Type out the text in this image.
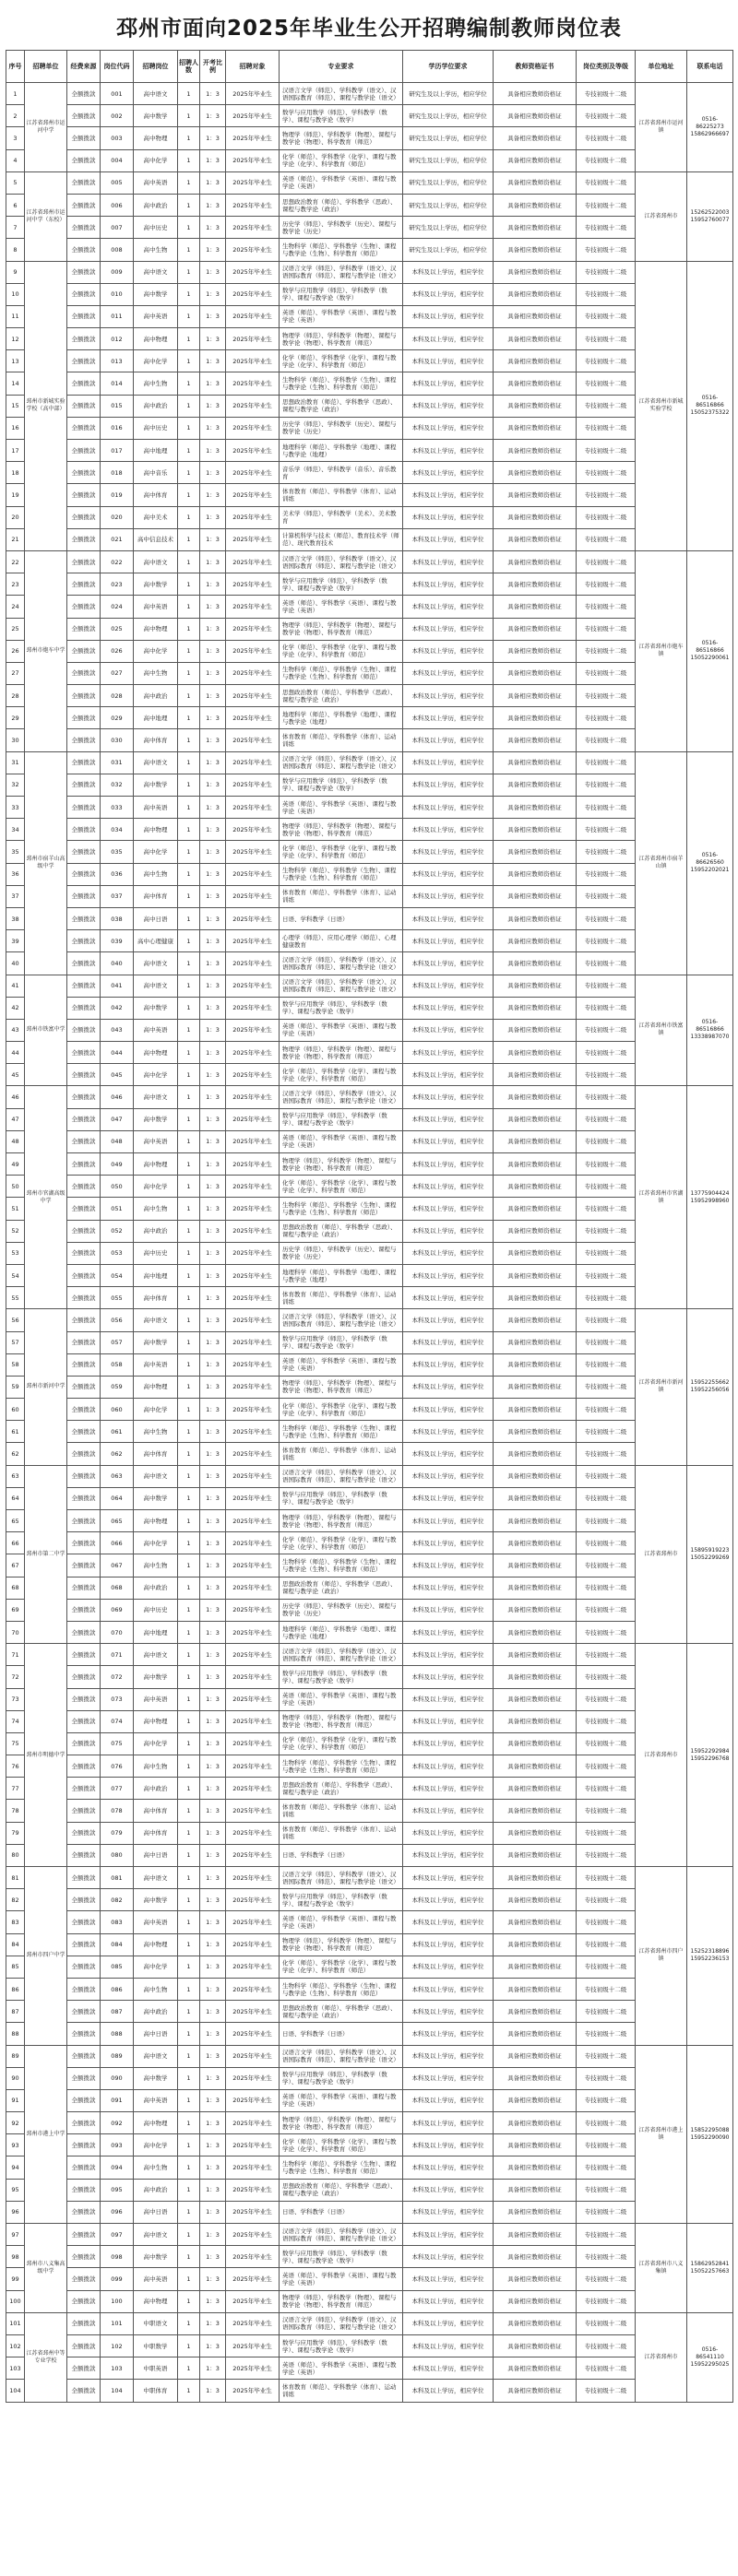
邳州市面向2025年毕业生公开招聘编制教师岗位表
序号	招聘单位	经费来源	岗位代码	招聘岗位	招聘人数	开考比例	招聘对象	专业要求	学历学位要求	教师资格证书	岗位类别及等级	单位地址	联系电话
1	江苏省邳州市运河中学	全额拨款	001	高中语文	1	1：3	2025年毕业生	汉语言文学（师范）、学科教学（语文）、汉语国际教育（师范）、课程与教学论（语文）	研究生及以上学历，相应学位	具备相应教师资格证	专技初级十二级	江苏省邳州市运河镇	0516-86225273
15862966697
2		全额拨款	002	高中数学	1	1：3	2025年毕业生	数学与应用数学（师范）、学科教学（数学）、课程与教学论（数学）	研究生及以上学历，相应学位	具备相应教师资格证	专技初级十二级		
3		全额拨款	003	高中物理	1	1：3	2025年毕业生	物理学（师范）、学科教学（物理）、课程与教学论（物理）、科学教育（师范）	研究生及以上学历，相应学位	具备相应教师资格证	专技初级十二级		
4		全额拨款	004	高中化学	1	1：3	2025年毕业生	化学（师范）、学科教学（化学）、课程与教学论（化学）、科学教育（师范）	研究生及以上学历，相应学位	具备相应教师资格证	专技初级十二级		
5	江苏省邳州市运河中学（东校）	全额拨款	005	高中英语	1	1：3	2025年毕业生	英语（师范）、学科教学（英语）、课程与教学论（英语）	研究生及以上学历，相应学位	具备相应教师资格证	专技初级十二级	江苏省邳州市	15262522003
15952760077
6		全额拨款	006	高中政治	1	1：3	2025年毕业生	思想政治教育（师范）、学科教学（思政）、课程与教学论（政治）	研究生及以上学历，相应学位	具备相应教师资格证	专技初级十二级		
7		全额拨款	007	高中历史	1	1：3	2025年毕业生	历史学（师范）、学科教学（历史）、课程与教学论（历史）	研究生及以上学历，相应学位	具备相应教师资格证	专技初级十二级		
8		全额拨款	008	高中生物	1	1：3	2025年毕业生	生物科学（师范）、学科教学（生物）、课程与教学论（生物）、科学教育（师范）	研究生及以上学历，相应学位	具备相应教师资格证	专技初级十二级		
9	邳州市新城实验学校（高中部）	全额拨款	009	高中语文	1	1：3	2025年毕业生	汉语言文学（师范）、学科教学（语文）、汉语国际教育（师范）、课程与教学论（语文）	本科及以上学历，相应学位	具备相应教师资格证	专技初级十二级	江苏省邳州市新城实验学校	0516-86516866
15052375322
10		全额拨款	010	高中数学	1	1：3	2025年毕业生	数学与应用数学（师范）、学科教学（数学）、课程与教学论（数学）	本科及以上学历，相应学位	具备相应教师资格证	专技初级十二级		
11		全额拨款	011	高中英语	1	1：3	2025年毕业生	英语（师范）、学科教学（英语）、课程与教学论（英语）	本科及以上学历，相应学位	具备相应教师资格证	专技初级十二级		
12		全额拨款	012	高中物理	1	1：3	2025年毕业生	物理学（师范）、学科教学（物理）、课程与教学论（物理）、科学教育（师范）	本科及以上学历，相应学位	具备相应教师资格证	专技初级十二级		
13		全额拨款	013	高中化学	1	1：3	2025年毕业生	化学（师范）、学科教学（化学）、课程与教学论（化学）、科学教育（师范）	本科及以上学历，相应学位	具备相应教师资格证	专技初级十二级		
14		全额拨款	014	高中生物	1	1：3	2025年毕业生	生物科学（师范）、学科教学（生物）、课程与教学论（生物）、科学教育（师范）	本科及以上学历，相应学位	具备相应教师资格证	专技初级十二级		
15		全额拨款	015	高中政治	1	1：3	2025年毕业生	思想政治教育（师范）、学科教学（思政）、课程与教学论（政治）	本科及以上学历，相应学位	具备相应教师资格证	专技初级十二级		
16		全额拨款	016	高中历史	1	1：3	2025年毕业生	历史学（师范）、学科教学（历史）、课程与教学论（历史）	本科及以上学历，相应学位	具备相应教师资格证	专技初级十二级		
17		全额拨款	017	高中地理	1	1：3	2025年毕业生	地理科学（师范）、学科教学（地理）、课程与教学论（地理）	本科及以上学历，相应学位	具备相应教师资格证	专技初级十二级		
18		全额拨款	018	高中音乐	1	1：3	2025年毕业生	音乐学（师范）、学科教学（音乐）、音乐教育	本科及以上学历，相应学位	具备相应教师资格证	专技初级十二级		
19		全额拨款	019	高中体育	1	1：3	2025年毕业生	体育教育（师范）、学科教学（体育）、运动训练	本科及以上学历，相应学位	具备相应教师资格证	专技初级十二级		
20		全额拨款	020	高中美术	1	1：3	2025年毕业生	美术学（师范）、学科教学（美术）、美术教育	本科及以上学历，相应学位	具备相应教师资格证	专技初级十二级		
21		全额拨款	021	高中信息技术	1	1：3	2025年毕业生	计算机科学与技术（师范）、教育技术学（师范）、现代教育技术	本科及以上学历，相应学位	具备相应教师资格证	专技初级十二级		
22	邳州市炮车中学	全额拨款	022	高中语文	1	1：3	2025年毕业生	汉语言文学（师范）、学科教学（语文）、汉语国际教育（师范）、课程与教学论（语文）	本科及以上学历，相应学位	具备相应教师资格证	专技初级十二级	江苏省邳州市炮车镇	0516-86516866
15052290061
23		全额拨款	023	高中数学	1	1：3	2025年毕业生	数学与应用数学（师范）、学科教学（数学）、课程与教学论（数学）	本科及以上学历，相应学位	具备相应教师资格证	专技初级十二级		
24		全额拨款	024	高中英语	1	1：3	2025年毕业生	英语（师范）、学科教学（英语）、课程与教学论（英语）	本科及以上学历，相应学位	具备相应教师资格证	专技初级十二级		
25		全额拨款	025	高中物理	1	1：3	2025年毕业生	物理学（师范）、学科教学（物理）、课程与教学论（物理）、科学教育（师范）	本科及以上学历，相应学位	具备相应教师资格证	专技初级十二级		
26		全额拨款	026	高中化学	1	1：3	2025年毕业生	化学（师范）、学科教学（化学）、课程与教学论（化学）、科学教育（师范）	本科及以上学历，相应学位	具备相应教师资格证	专技初级十二级		
27		全额拨款	027	高中生物	1	1：3	2025年毕业生	生物科学（师范）、学科教学（生物）、课程与教学论（生物）、科学教育（师范）	本科及以上学历，相应学位	具备相应教师资格证	专技初级十二级		
28		全额拨款	028	高中政治	1	1：3	2025年毕业生	思想政治教育（师范）、学科教学（思政）、课程与教学论（政治）	本科及以上学历，相应学位	具备相应教师资格证	专技初级十二级		
29		全额拨款	029	高中地理	1	1：3	2025年毕业生	地理科学（师范）、学科教学（地理）、课程与教学论（地理）	本科及以上学历，相应学位	具备相应教师资格证	专技初级十二级		
30		全额拨款	030	高中体育	1	1：3	2025年毕业生	体育教育（师范）、学科教学（体育）、运动训练	本科及以上学历，相应学位	具备相应教师资格证	专技初级十二级		
31	邳州市宿羊山高级中学	全额拨款	031	高中语文	1	1：3	2025年毕业生	汉语言文学（师范）、学科教学（语文）、汉语国际教育（师范）、课程与教学论（语文）	本科及以上学历，相应学位	具备相应教师资格证	专技初级十二级	江苏省邳州市宿羊山镇	0516-86626560
15952202021
32		全额拨款	032	高中数学	1	1：3	2025年毕业生	数学与应用数学（师范）、学科教学（数学）、课程与教学论（数学）	本科及以上学历，相应学位	具备相应教师资格证	专技初级十二级		
33		全额拨款	033	高中英语	1	1：3	2025年毕业生	英语（师范）、学科教学（英语）、课程与教学论（英语）	本科及以上学历，相应学位	具备相应教师资格证	专技初级十二级		
34		全额拨款	034	高中物理	1	1：3	2025年毕业生	物理学（师范）、学科教学（物理）、课程与教学论（物理）、科学教育（师范）	本科及以上学历，相应学位	具备相应教师资格证	专技初级十二级		
35		全额拨款	035	高中化学	1	1：3	2025年毕业生	化学（师范）、学科教学（化学）、课程与教学论（化学）、科学教育（师范）	本科及以上学历，相应学位	具备相应教师资格证	专技初级十二级		
36		全额拨款	036	高中生物	1	1：3	2025年毕业生	生物科学（师范）、学科教学（生物）、课程与教学论（生物）、科学教育（师范）	本科及以上学历，相应学位	具备相应教师资格证	专技初级十二级		
37		全额拨款	037	高中体育	1	1：3	2025年毕业生	体育教育（师范）、学科教学（体育）、运动训练	本科及以上学历，相应学位	具备相应教师资格证	专技初级十二级		
38		全额拨款	038	高中日语	1	1：3	2025年毕业生	日语、学科教学（日语）	本科及以上学历，相应学位	具备相应教师资格证	专技初级十二级		
39		全额拨款	039	高中心理健康	1	1：3	2025年毕业生	心理学（师范）、应用心理学（师范）、心理健康教育	本科及以上学历，相应学位	具备相应教师资格证	专技初级十二级		
40		全额拨款	040	高中语文	1	1：3	2025年毕业生	汉语言文学（师范）、学科教学（语文）、汉语国际教育（师范）、课程与教学论（语文）	本科及以上学历，相应学位	具备相应教师资格证	专技初级十二级		
41	邳州市铁富中学	全额拨款	041	高中语文	1	1：3	2025年毕业生	汉语言文学（师范）、学科教学（语文）、汉语国际教育（师范）、课程与教学论（语文）	本科及以上学历，相应学位	具备相应教师资格证	专技初级十二级	江苏省邳州市铁富镇	0516-86516866
13338987070
42		全额拨款	042	高中数学	1	1：3	2025年毕业生	数学与应用数学（师范）、学科教学（数学）、课程与教学论（数学）	本科及以上学历，相应学位	具备相应教师资格证	专技初级十二级		
43		全额拨款	043	高中英语	1	1：3	2025年毕业生	英语（师范）、学科教学（英语）、课程与教学论（英语）	本科及以上学历，相应学位	具备相应教师资格证	专技初级十二级		
44		全额拨款	044	高中物理	1	1：3	2025年毕业生	物理学（师范）、学科教学（物理）、课程与教学论（物理）、科学教育（师范）	本科及以上学历，相应学位	具备相应教师资格证	专技初级十二级		
45		全额拨款	045	高中化学	1	1：3	2025年毕业生	化学（师范）、学科教学（化学）、课程与教学论（化学）、科学教育（师范）	本科及以上学历，相应学位	具备相应教师资格证	专技初级十二级		
46	邳州市官湖高级中学	全额拨款	046	高中语文	1	1：3	2025年毕业生	汉语言文学（师范）、学科教学（语文）、汉语国际教育（师范）、课程与教学论（语文）	本科及以上学历，相应学位	具备相应教师资格证	专技初级十二级	江苏省邳州市官湖镇	13775904424
15952998960
47		全额拨款	047	高中数学	1	1：3	2025年毕业生	数学与应用数学（师范）、学科教学（数学）、课程与教学论（数学）	本科及以上学历，相应学位	具备相应教师资格证	专技初级十二级		
48		全额拨款	048	高中英语	1	1：3	2025年毕业生	英语（师范）、学科教学（英语）、课程与教学论（英语）	本科及以上学历，相应学位	具备相应教师资格证	专技初级十二级		
49		全额拨款	049	高中物理	1	1：3	2025年毕业生	物理学（师范）、学科教学（物理）、课程与教学论（物理）、科学教育（师范）	本科及以上学历，相应学位	具备相应教师资格证	专技初级十二级		
50		全额拨款	050	高中化学	1	1：3	2025年毕业生	化学（师范）、学科教学（化学）、课程与教学论（化学）、科学教育（师范）	本科及以上学历，相应学位	具备相应教师资格证	专技初级十二级		
51		全额拨款	051	高中生物	1	1：3	2025年毕业生	生物科学（师范）、学科教学（生物）、课程与教学论（生物）、科学教育（师范）	本科及以上学历，相应学位	具备相应教师资格证	专技初级十二级		
52		全额拨款	052	高中政治	1	1：3	2025年毕业生	思想政治教育（师范）、学科教学（思政）、课程与教学论（政治）	本科及以上学历，相应学位	具备相应教师资格证	专技初级十二级		
53		全额拨款	053	高中历史	1	1：3	2025年毕业生	历史学（师范）、学科教学（历史）、课程与教学论（历史）	本科及以上学历，相应学位	具备相应教师资格证	专技初级十二级		
54		全额拨款	054	高中地理	1	1：3	2025年毕业生	地理科学（师范）、学科教学（地理）、课程与教学论（地理）	本科及以上学历，相应学位	具备相应教师资格证	专技初级十二级		
55		全额拨款	055	高中体育	1	1：3	2025年毕业生	体育教育（师范）、学科教学（体育）、运动训练	本科及以上学历，相应学位	具备相应教师资格证	专技初级十二级		
56	邳州市新河中学	全额拨款	056	高中语文	1	1：3	2025年毕业生	汉语言文学（师范）、学科教学（语文）、汉语国际教育（师范）、课程与教学论（语文）	本科及以上学历，相应学位	具备相应教师资格证	专技初级十二级	江苏省邳州市新河镇	15952255662
15952256056
57		全额拨款	057	高中数学	1	1：3	2025年毕业生	数学与应用数学（师范）、学科教学（数学）、课程与教学论（数学）	本科及以上学历，相应学位	具备相应教师资格证	专技初级十二级		
58		全额拨款	058	高中英语	1	1：3	2025年毕业生	英语（师范）、学科教学（英语）、课程与教学论（英语）	本科及以上学历，相应学位	具备相应教师资格证	专技初级十二级		
59		全额拨款	059	高中物理	1	1：3	2025年毕业生	物理学（师范）、学科教学（物理）、课程与教学论（物理）、科学教育（师范）	本科及以上学历，相应学位	具备相应教师资格证	专技初级十二级		
60		全额拨款	060	高中化学	1	1：3	2025年毕业生	化学（师范）、学科教学（化学）、课程与教学论（化学）、科学教育（师范）	本科及以上学历，相应学位	具备相应教师资格证	专技初级十二级		
61		全额拨款	061	高中生物	1	1：3	2025年毕业生	生物科学（师范）、学科教学（生物）、课程与教学论（生物）、科学教育（师范）	本科及以上学历，相应学位	具备相应教师资格证	专技初级十二级		
62		全额拨款	062	高中体育	1	1：3	2025年毕业生	体育教育（师范）、学科教学（体育）、运动训练	本科及以上学历，相应学位	具备相应教师资格证	专技初级十二级		
63	邳州市第二中学	全额拨款	063	高中语文	1	1：3	2025年毕业生	汉语言文学（师范）、学科教学（语文）、汉语国际教育（师范）、课程与教学论（语文）	本科及以上学历，相应学位	具备相应教师资格证	专技初级十二级	江苏省邳州市	15895919223
15052299269
64		全额拨款	064	高中数学	1	1：3	2025年毕业生	数学与应用数学（师范）、学科教学（数学）、课程与教学论（数学）	本科及以上学历，相应学位	具备相应教师资格证	专技初级十二级		
65		全额拨款	065	高中物理	1	1：3	2025年毕业生	物理学（师范）、学科教学（物理）、课程与教学论（物理）、科学教育（师范）	本科及以上学历，相应学位	具备相应教师资格证	专技初级十二级		
66		全额拨款	066	高中化学	1	1：3	2025年毕业生	化学（师范）、学科教学（化学）、课程与教学论（化学）、科学教育（师范）	本科及以上学历，相应学位	具备相应教师资格证	专技初级十二级		
67		全额拨款	067	高中生物	1	1：3	2025年毕业生	生物科学（师范）、学科教学（生物）、课程与教学论（生物）、科学教育（师范）	本科及以上学历，相应学位	具备相应教师资格证	专技初级十二级		
68		全额拨款	068	高中政治	1	1：3	2025年毕业生	思想政治教育（师范）、学科教学（思政）、课程与教学论（政治）	本科及以上学历，相应学位	具备相应教师资格证	专技初级十二级		
69		全额拨款	069	高中历史	1	1：3	2025年毕业生	历史学（师范）、学科教学（历史）、课程与教学论（历史）	本科及以上学历，相应学位	具备相应教师资格证	专技初级十二级		
70		全额拨款	070	高中地理	1	1：3	2025年毕业生	地理科学（师范）、学科教学（地理）、课程与教学论（地理）	本科及以上学历，相应学位	具备相应教师资格证	专技初级十二级		
71	邳州市明德中学	全额拨款	071	高中语文	1	1：3	2025年毕业生	汉语言文学（师范）、学科教学（语文）、汉语国际教育（师范）、课程与教学论（语文）	本科及以上学历，相应学位	具备相应教师资格证	专技初级十二级	江苏省邳州市	15952292984
15952296768
72		全额拨款	072	高中数学	1	1：3	2025年毕业生	数学与应用数学（师范）、学科教学（数学）、课程与教学论（数学）	本科及以上学历，相应学位	具备相应教师资格证	专技初级十二级		
73		全额拨款	073	高中英语	1	1：3	2025年毕业生	英语（师范）、学科教学（英语）、课程与教学论（英语）	本科及以上学历，相应学位	具备相应教师资格证	专技初级十二级		
74		全额拨款	074	高中物理	1	1：3	2025年毕业生	物理学（师范）、学科教学（物理）、课程与教学论（物理）、科学教育（师范）	本科及以上学历，相应学位	具备相应教师资格证	专技初级十二级		
75		全额拨款	075	高中化学	1	1：3	2025年毕业生	化学（师范）、学科教学（化学）、课程与教学论（化学）、科学教育（师范）	本科及以上学历，相应学位	具备相应教师资格证	专技初级十二级		
76		全额拨款	076	高中生物	1	1：3	2025年毕业生	生物科学（师范）、学科教学（生物）、课程与教学论（生物）、科学教育（师范）	本科及以上学历，相应学位	具备相应教师资格证	专技初级十二级		
77		全额拨款	077	高中政治	1	1：3	2025年毕业生	思想政治教育（师范）、学科教学（思政）、课程与教学论（政治）	本科及以上学历，相应学位	具备相应教师资格证	专技初级十二级		
78		全额拨款	078	高中体育	1	1：3	2025年毕业生	体育教育（师范）、学科教学（体育）、运动训练	本科及以上学历，相应学位	具备相应教师资格证	专技初级十二级		
79		全额拨款	079	高中体育	1	1：3	2025年毕业生	体育教育（师范）、学科教学（体育）、运动训练	本科及以上学历，相应学位	具备相应教师资格证	专技初级十二级		
80		全额拨款	080	高中日语	1	1：3	2025年毕业生	日语、学科教学（日语）	本科及以上学历，相应学位	具备相应教师资格证	专技初级十二级		
81	邳州市四户中学	全额拨款	081	高中语文	1	1：3	2025年毕业生	汉语言文学（师范）、学科教学（语文）、汉语国际教育（师范）、课程与教学论（语文）	本科及以上学历，相应学位	具备相应教师资格证	专技初级十二级	江苏省邳州市四户镇	15252318896
15952236153
82		全额拨款	082	高中数学	1	1：3	2025年毕业生	数学与应用数学（师范）、学科教学（数学）、课程与教学论（数学）	本科及以上学历，相应学位	具备相应教师资格证	专技初级十二级		
83		全额拨款	083	高中英语	1	1：3	2025年毕业生	英语（师范）、学科教学（英语）、课程与教学论（英语）	本科及以上学历，相应学位	具备相应教师资格证	专技初级十二级		
84		全额拨款	084	高中物理	1	1：3	2025年毕业生	物理学（师范）、学科教学（物理）、课程与教学论（物理）、科学教育（师范）	本科及以上学历，相应学位	具备相应教师资格证	专技初级十二级		
85		全额拨款	085	高中化学	1	1：3	2025年毕业生	化学（师范）、学科教学（化学）、课程与教学论（化学）、科学教育（师范）	本科及以上学历，相应学位	具备相应教师资格证	专技初级十二级		
86		全额拨款	086	高中生物	1	1：3	2025年毕业生	生物科学（师范）、学科教学（生物）、课程与教学论（生物）、科学教育（师范）	本科及以上学历，相应学位	具备相应教师资格证	专技初级十二级		
87		全额拨款	087	高中政治	1	1：3	2025年毕业生	思想政治教育（师范）、学科教学（思政）、课程与教学论（政治）	本科及以上学历，相应学位	具备相应教师资格证	专技初级十二级		
88		全额拨款	088	高中日语	1	1：3	2025年毕业生	日语、学科教学（日语）	本科及以上学历，相应学位	具备相应教师资格证	专技初级十二级		
89	邳州市港上中学	全额拨款	089	高中语文	1	1：3	2025年毕业生	汉语言文学（师范）、学科教学（语文）、汉语国际教育（师范）、课程与教学论（语文）	本科及以上学历，相应学位	具备相应教师资格证	专技初级十二级	江苏省邳州市港上镇	15852295088
15952290090
90		全额拨款	090	高中数学	1	1：3	2025年毕业生	数学与应用数学（师范）、学科教学（数学）、课程与教学论（数学）	本科及以上学历，相应学位	具备相应教师资格证	专技初级十二级		
91		全额拨款	091	高中英语	1	1：3	2025年毕业生	英语（师范）、学科教学（英语）、课程与教学论（英语）	本科及以上学历，相应学位	具备相应教师资格证	专技初级十二级		
92		全额拨款	092	高中物理	1	1：3	2025年毕业生	物理学（师范）、学科教学（物理）、课程与教学论（物理）、科学教育（师范）	本科及以上学历，相应学位	具备相应教师资格证	专技初级十二级		
93		全额拨款	093	高中化学	1	1：3	2025年毕业生	化学（师范）、学科教学（化学）、课程与教学论（化学）、科学教育（师范）	本科及以上学历，相应学位	具备相应教师资格证	专技初级十二级		
94		全额拨款	094	高中生物	1	1：3	2025年毕业生	生物科学（师范）、学科教学（生物）、课程与教学论（生物）、科学教育（师范）	本科及以上学历，相应学位	具备相应教师资格证	专技初级十二级		
95		全额拨款	095	高中政治	1	1：3	2025年毕业生	思想政治教育（师范）、学科教学（思政）、课程与教学论（政治）	本科及以上学历，相应学位	具备相应教师资格证	专技初级十二级		
96		全额拨款	096	高中日语	1	1：3	2025年毕业生	日语、学科教学（日语）	本科及以上学历，相应学位	具备相应教师资格证	专技初级十二级		
97	邳州市八义集高级中学	全额拨款	097	高中语文	1	1：3	2025年毕业生	汉语言文学（师范）、学科教学（语文）、汉语国际教育（师范）、课程与教学论（语文）	本科及以上学历，相应学位	具备相应教师资格证	专技初级十二级	江苏省邳州市八义集镇	15862952841
15052257663
98		全额拨款	098	高中数学	1	1：3	2025年毕业生	数学与应用数学（师范）、学科教学（数学）、课程与教学论（数学）	本科及以上学历，相应学位	具备相应教师资格证	专技初级十二级		
99		全额拨款	099	高中英语	1	1：3	2025年毕业生	英语（师范）、学科教学（英语）、课程与教学论（英语）	本科及以上学历，相应学位	具备相应教师资格证	专技初级十二级		
100		全额拨款	100	高中物理	1	1：3	2025年毕业生	物理学（师范）、学科教学（物理）、课程与教学论（物理）、科学教育（师范）	本科及以上学历，相应学位	具备相应教师资格证	专技初级十二级		
101	江苏省邳州中等专业学校	全额拨款	101	中职语文	1	1：3	2025年毕业生	汉语言文学（师范）、学科教学（语文）、汉语国际教育（师范）、课程与教学论（语文）	本科及以上学历，相应学位	具备相应教师资格证	专技初级十二级	江苏省邳州市	0516-86541110
15952295025
102		全额拨款	102	中职数学	1	1：3	2025年毕业生	数学与应用数学（师范）、学科教学（数学）、课程与教学论（数学）	本科及以上学历，相应学位	具备相应教师资格证	专技初级十二级		
103		全额拨款	103	中职英语	1	1：3	2025年毕业生	英语（师范）、学科教学（英语）、课程与教学论（英语）	本科及以上学历，相应学位	具备相应教师资格证	专技初级十二级		
104		全额拨款	104	中职体育	1	1：3	2025年毕业生	体育教育（师范）、学科教学（体育）、运动训练	本科及以上学历，相应学位	具备相应教师资格证	专技初级十二级		
